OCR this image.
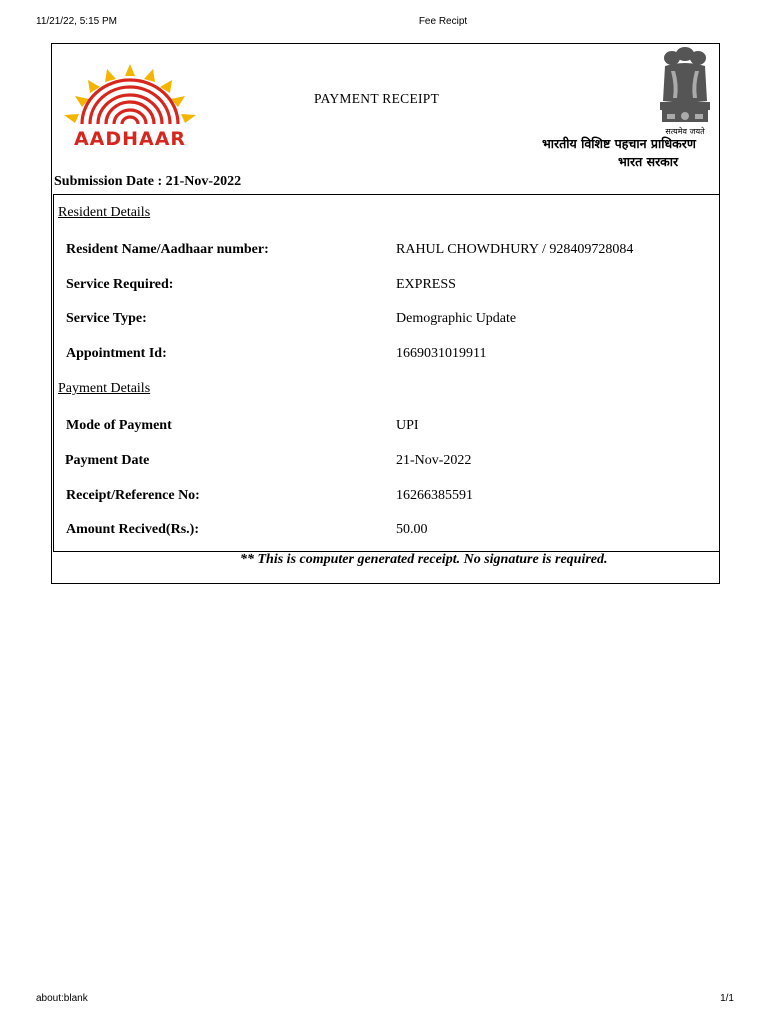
11/21/22, 5:15 PM	Fee Recipt
AADHAAR	सत्यमेव जयते
भारतीय विशिष्ट पहचान प्राधिकरण
भारत सरकार
PAYMENT RECEIPT
Submission Date : 21-Nov-2022
Resident Details
Resident Name/Aadhaar number:	RAHUL CHOWDHURY / 928409728084
Service Required:	EXPRESS
Service Type:	Demographic Update
Appointment Id:	1669031019911
Payment Details
Mode of Payment	UPI
Payment Date	21-Nov-2022
Receipt/Reference No:	16266385591
Amount Recived(Rs.):	50.00
** This is computer generated receipt. No signature is required.
about:blank	1/1
